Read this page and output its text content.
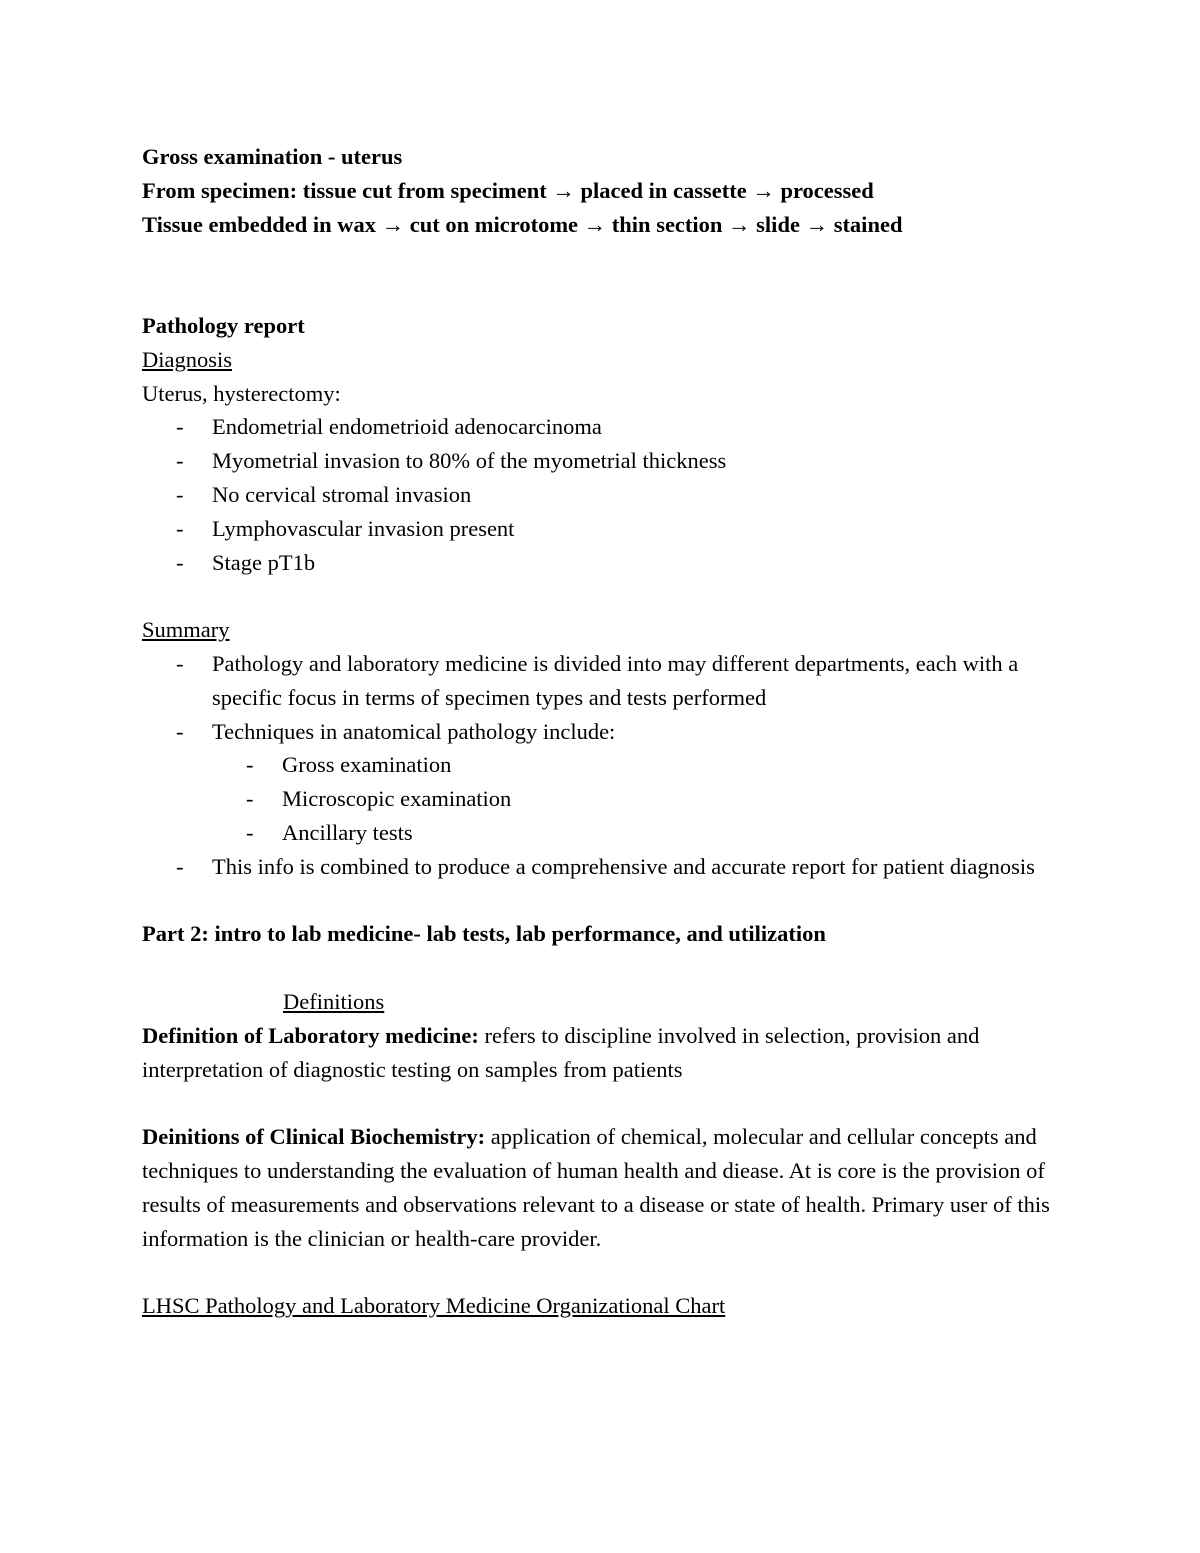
Gross examination - uterus
From specimen: tissue cut from speciment → placed in cassette → processed
Tissue embedded in wax → cut on microtome → thin section → slide → stained
Pathology report
Diagnosis
Uterus, hysterectomy:
- Endometrial endometrioid adenocarcinoma
- Myometrial invasion to 80% of the myometrial thickness
- No cervical stromal invasion
- Lymphovascular invasion present
- Stage pT1b
Summary
- Pathology and laboratory medicine is divided into may different departments, each with a specific focus in terms of specimen types and tests performed
- Techniques in anatomical pathology include:
- Gross examination
- Microscopic examination
- Ancillary tests
- This info is combined to produce a comprehensive and accurate report for patient diagnosis
Part 2: intro to lab medicine- lab tests, lab performance, and utilization
Definitions
Definition of Laboratory medicine: refers to discipline involved in selection, provision and interpretation of diagnostic testing on samples from patients
Deinitions of Clinical Biochemistry: application of chemical, molecular and cellular concepts and techniques to understanding the evaluation of human health and diease. At is core is the provision of results of measurements and observations relevant to a disease or state of health. Primary user of this information is the clinician or health-care provider.
LHSC Pathology and Laboratory Medicine Organizational Chart
